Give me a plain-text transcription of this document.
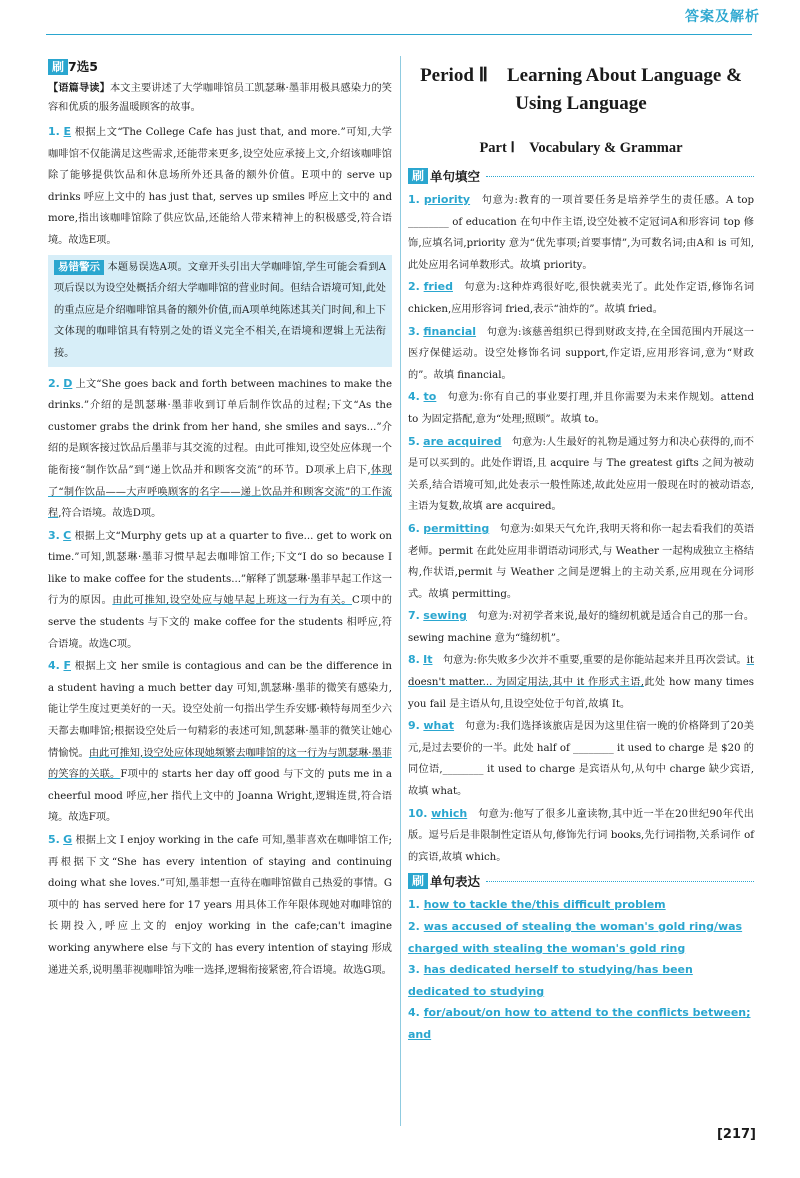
答案及解析
刷 7选5

【语篇导读】本文主要讲述了大学咖啡馆员工凯瑟琳·墨菲用极具感染力的笑容和优质的服务温暖顾客的故事。

1. E 根据上文“The College Cafe has just that, and more.”可知,大学咖啡馆不仅能满足这些需求,还能带来更多,设空处应承接上文,介绍该咖啡馆除了能够提供饮品和休息场所外还具备的额外价值。E项中的 serve up drinks 呼应上文中的 has just that, serves up smiles 呼应上文中的 and more,指出该咖啡馆除了供应饮品,还能给人带来精神上的积极感受,符合语境。故选E项。

易错警示 本题易误选A项。文章开头引出大学咖啡馆,学生可能会看到A项后误以为设空处概括介绍大学咖啡馆的营业时间。但结合语境可知,此处的重点应是介绍咖啡馆具备的额外价值,而A项单纯陈述其关门时间,和上下文体现的咖啡馆具有特别之处的语义完全不相关,在语境和逻辑上无法衔接。

2. D 上文“She goes back and forth between machines to make the drinks.”介绍的是凯瑟琳·墨菲收到订单后制作饮品的过程;下文“As the customer grabs the drink from her hand, she smiles and says...”介绍的是顾客接过饮品后墨菲与其交流的过程。由此可推知,设空处应体现一个能衔接“制作饮品”到“递上饮品并和顾客交流”的环节。D项承上启下,体现了“制作饮品——大声呼唤顾客的名字——递上饮品并和顾客交流”的工作流程,符合语境。故选D项。

3. C 根据上文“Murphy gets up at a quarter to five... get to work on time.”可知,凯瑟琳·墨菲习惯早起去咖啡馆工作;下文“I do so because I like to make coffee for the students...”解释了凯瑟琳·墨菲早起工作这一行为的原因。由此可推知,设空处应与她早起上班这一行为有关。C项中的 serve the students 与下文的 make coffee for the students 相呼应,符合语境。故选C项。

4. F 根据上文 her smile is contagious and can be the difference in a student having a much better day 可知,凯瑟琳·墨菲的微笑有感染力,能让学生度过更美好的一天。设空处前一句指出学生乔安娜·赖特每周至少六天都去咖啡馆;根据设空处后一句精彩的表述可知,凯瑟琳·墨菲的微笑让她心情愉悦。由此可推知,设空处应体现她频繁去咖啡馆的这一行为与凯瑟琳·墨菲的笑容的关联。F项中的 starts her day off good 与下文的 puts me in a cheerful mood 呼应,her 指代上文中的 Joanna Wright,逻辑连贯,符合语境。故选F项。

5. G 根据上文 I enjoy working in the cafe 可知,墨菲喜欢在咖啡馆工作;再根据下文“She has every intention of staying and continuing doing what she loves.”可知,墨菲想一直待在咖啡馆做自己热爱的事情。G项中的 has served here for 17 years 用具体工作年限体现她对咖啡馆的长期投入,呼应上文的 enjoy working in the cafe;can't imagine working anywhere else 与下文的 has every intention of staying 形成递进关系,说明墨菲视咖啡馆为唯一选择,逻辑衔接紧密,符合语境。故选G项。

Period Ⅱ　Learning About Language & Using Language
Part Ⅰ　Vocabulary & Grammar
刷 单句填空

1. priority　 句意为:教育的一项首要任务是培养学生的责任感。A top ________ of education 在句中作主语,设空处被不定冠词A和形容词 top 修饰,应填名词,priority 意为“优先事项;首要事情”,为可数名词;由A和 is 可知,此处应用名词单数形式。故填 priority。

2. fried　 句意为:这种炸鸡很好吃,很快就卖光了。此处作定语,修饰名词 chicken,应用形容词 fried,表示“油炸的”。故填 fried。

3. financial　 句意为:该慈善组织已得到财政支持,在全国范围内开展这一医疗保健运动。设空处修饰名词 support,作定语,应用形容词,意为“财政的”。故填 financial。

4. to　 句意为:你有自己的事业要打理,并且你需要为未来作规划。attend to 为固定搭配,意为“处理;照顾”。故填 to。

5. are acquired　 句意为:人生最好的礼物是通过努力和决心获得的,而不是可以买到的。此处作谓语,且 acquire 与 The greatest gifts 之间为被动关系,结合语境可知,此处表示一般性陈述,故此处应用一般现在时的被动语态,主语为复数,故填 are acquired。

6. permitting　 句意为:如果天气允许,我明天将和你一起去看我们的英语老师。permit 在此处应用非谓语动词形式,与 Weather 一起构成独立主格结构,作状语,permit 与 Weather 之间是逻辑上的主动关系,应用现在分词形式。故填 permitting。

7. sewing　 句意为:对初学者来说,最好的缝纫机就是适合自己的那一台。sewing machine 意为“缝纫机”。

8. It　 句意为:你失败多少次并不重要,重要的是你能站起来并且再次尝试。it doesn't matter... 为固定用法,其中 it 作形式主语,此处 how many times you fail 是主语从句,且设空处位于句首,故填 It。

9. what　 句意为:我们选择该旅店是因为这里住宿一晚的价格降到了20美元,是过去要价的一半。此处 half of ________ it used to charge 是 $20 的同位语,________ it used to charge 是宾语从句,从句中 charge 缺少宾语,故填 what。

10. which　 句意为:他写了很多儿童读物,其中近一半在20世纪90年代出版。逗号后是非限制性定语从句,修饰先行词 books,先行词指物,关系词作 of 的宾语,故填 which。

刷 单句表达

1. how to tackle the/this difficult problem

2. was accused of stealing the woman's gold ring/was charged with stealing the woman's gold ring

3. has dedicated herself to studying/has been dedicated to studying

4. for/about/on how to attend to the conflicts between; and

[217]
